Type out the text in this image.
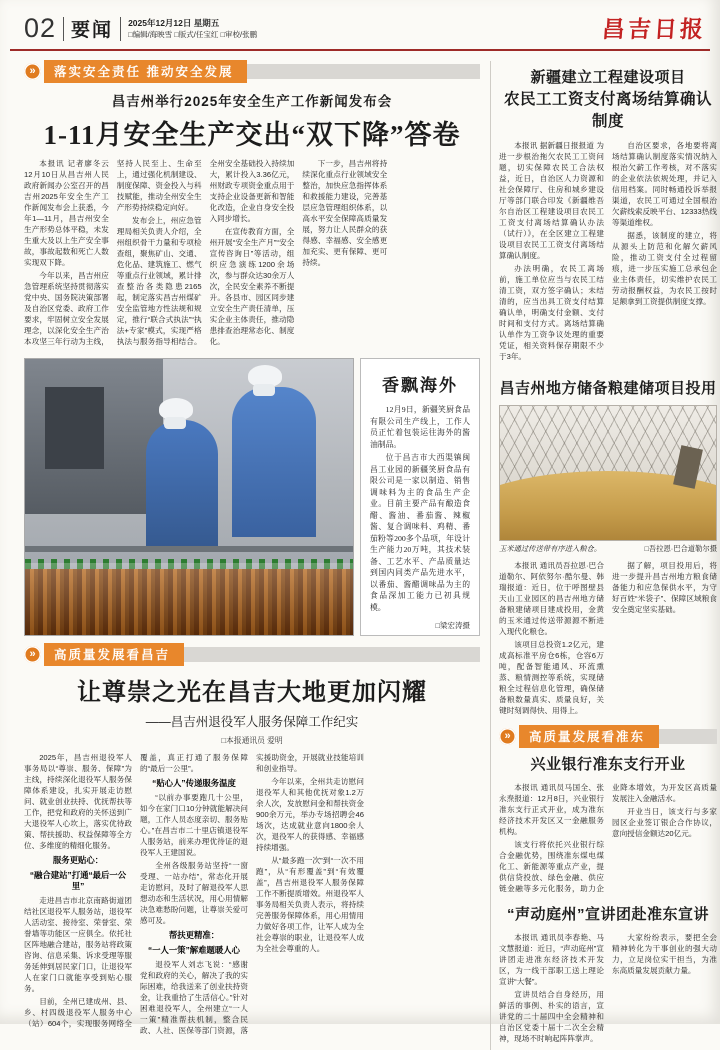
02 要闻 2025年12月12日 星期五
□编辑/海映雪 □版式/任宝红 □审校/张鹏	昌吉日报
»	落实安全责任 推动安全发展
昌吉州举行2025年安全生产工作新闻发布会
1-11月安全生产交出“双下降”答卷

本报讯 记者廖冬云 12月10日从昌吉州人民政府新闻办公室召开的昌吉州2025年安全生产工作新闻发布会上获悉，今年1—11月，昌吉州安全生产形势总体平稳，未发生重大及以上生产安全事故，事故起数和死亡人数实现双下降。

今年以来，昌吉州应急管理系统坚持贯彻落实党中央、国务院决策部署及自治区党委、政府工作要求，牢固树立安全发展理念，以深化安全生产治本攻坚三年行动为主线，坚持人民至上、生命至上，通过强化机制建设、制度保障、资金投入与科技赋能，推动全州安全生产形势持续稳定向好。

发布会上，州应急管理局相关负责人介绍，全州组织骨干力量和专项检查组，聚焦矿山、交通、危化品、建筑施工、燃气等重点行业领域，累计排查整治各类隐患2165起，制定落实昌吉州煤矿安全监管地方性法规和规定，推行“联合式执法”“执法+专家”模式，实现严格执法与服务指导相结合。全州安全基础投入持续加大，累计投入3.36亿元，州财政专项资金重点用于支持企业设备更新和智能化改造，企业自身安全投入同步增长。

在宣传教育方面，全州开展“安全生产月”“安全宣传咨询日”等活动，组织应急演练1200余场次，参与群众达30余万人次，全民安全素养不断提升。各县市、园区同步建立安全生产责任清单，压实企业主体责任，推动隐患排查治理常态化、制度化。

下一步，昌吉州将持续深化重点行业领域安全整治，加快应急指挥体系和救援能力建设，完善基层应急管理组织体系，以高水平安全保障高质量发展，努力让人民群众的获得感、幸福感、安全感更加充实、更有保障、更可持续。

香飘海外

12月9日，新疆笑厨食品有限公司生产线上，工作人员正忙着包装运往海外的酱油制品。

位于昌吉市大西渠镇闽昌工业园的新疆笑厨食品有限公司是一家以制造、销售调味料为主的食品生产企业。目前主要产品有酿造食醋、酱油、番茄酱、辣椒酱、复合调味料、鸡精、番茄粉等200多个品项，年设计生产能力20万吨，其技术装备、工艺水平、产品质量达到国内同类产品先进水平，以番茄、酱醋调味品为主的食品深加工能力已初具规模。

□梁宏涛摄
»	高质量发展看昌吉
让尊崇之光在昌吉大地更加闪耀
——昌吉州退役军人服务保障工作纪实
□本报通讯员 爱明

2025年，昌吉州退役军人事务局以“尊崇、服务、保障”为主线，持续深化退役军人服务保障体系建设，扎实开展走访慰问、就业创业扶持、优抚帮扶等工作，把党和政府的关怀送到广大退役军人心坎上，落实优待政策、帮扶援助、权益保障等全方位、多维度的精细化服务。

服务更贴心：

“融合建站”打通“最后一公里”

走进昌吉市北京南路街道团结社区退役军人服务站，退役军人活动室、接待室、荣誉室、荣誉墙等功能区一应俱全。依托社区阵地融合建站，服务站将政策咨询、信息采集、诉求受理等服务延伸到居民家门口，让退役军人在家门口就能享受到贴心服务。

目前，全州已建成州、县、乡、村四级退役军人服务中心（站）604个，实现服务网络全覆盖，真正打通了服务保障的“最后一公里”。

“贴心人”传递服务温度

“以前办事要跑几十公里，如今在家门口10分钟就能解决问题，工作人员态度亲切、服务贴心。”在昌吉市二十里店镇退役军人服务站，前来办理优待证的退役军人王建国说。

全州各级服务站坚持“一窗受理、一站办结”，常态化开展走访慰问，及时了解退役军人思想动态和生活状况，用心用情解决急难愁盼问题，让尊崇关爱可感可及。

帮扶更精准：

“一人一策”解难题暖人心

退役军人刘志飞说：“感谢党和政府的关心，解决了我的实际困难，给我送来了创业扶持资金，让我重拾了生活信心。”针对困难退役军人，全州建立“一人一策”精准帮扶机制，整合民政、人社、医保等部门资源，落实援助资金，开展就业技能培训和创业指导。

今年以来，全州共走访慰问退役军人和其他优抚对象1.2万余人次，发放慰问金和帮扶资金900余万元，举办专场招聘会46场次，达成就业意向1800余人次，退役军人的获得感、幸福感持续增强。

从“最多跑一次”到“一次不用跑”，从“有形覆盖”到“有效覆盖”，昌吉州退役军人服务保障工作不断提质增效。州退役军人事务局相关负责人表示，将持续完善服务保障体系，用心用情用力做好各项工作，让军人成为全社会尊崇的职业，让退役军人成为全社会尊重的人。

新疆建立工程建设项目
农民工工资支付离场结算确认制度

本报讯 据新疆日报报道 为进一步根治拖欠农民工工资问题，切实保障农民工合法权益，近日，自治区人力资源和社会保障厅、住房和城乡建设厅等部门联合印发《新疆维吾尔自治区工程建设项目农民工工资支付离场结算确认办法（试行）》，在全区建立工程建设项目农民工工资支付离场结算确认制度。

办法明确，农民工离场前，施工单位应当与农民工结清工资，双方签字确认；未结清的，应当出具工资支付结算确认单，明确支付金额、支付时间和支付方式。离场结算确认单作为工资争议处理的重要凭证，相关资料保存期限不少于3年。

自治区要求，各地要将离场结算确认制度落实情况纳入根治欠薪工作考核，对不落实的企业依法依规处理，并记入信用档案。同时畅通投诉举报渠道，农民工可通过全国根治欠薪线索反映平台、12333热线等渠道维权。

据悉，该制度的建立，将从源头上防范和化解欠薪风险，推动工资支付全过程留痕，进一步压实施工总承包企业主体责任，切实维护农民工劳动报酬权益，为农民工按时足额拿到工资提供制度支撑。

昌吉州地方储备粮建储项目投用
玉米通过传送带有序进入粮仓。	□吾拉恩·巴合道勒尔摄

本报讯 通讯员吾拉恩·巴合道勒尔、阿依努尔·酷尔曼、韩瑞报道：近日，位于呼图壁县天山工业园区的昌吉州地方储备粮建储项目建成投用，金黄的玉米通过传送带源源不断进入现代化粮仓。

该项目总投资1.2亿元，建成高标准平房仓6栋，仓容6万吨，配备智能通风、环流熏蒸、粮情测控等系统，实现储粮全过程信息化管理，确保储备粮数量真实、质量良好，关键时刻调得快、用得上。

据了解，项目投用后，将进一步提升昌吉州地方粮食储备能力和应急保供水平，为守好百姓“米袋子”、保障区域粮食安全奠定坚实基础。

»	高质量发展看准东
兴业银行准东支行开业

本报讯 通讯员马国全、张永焘报道：12月8日，兴业银行准东支行正式开业，成为准东经济技术开发区又一金融服务机构。

该支行将依托兴业银行综合金融优势，围绕准东煤电煤化工、新能源等重点产业，提供信贷投放、绿色金融、供应链金融等多元化服务，助力企业降本增效，为开发区高质量发展注入金融活水。

开业当日，该支行与多家园区企业签订银企合作协议，意向授信金额达20亿元。

“声动庭州”宣讲团赴准东宣讲

本报讯 通讯员李春艳、马文慧报道：近日，“声动庭州”宣讲团走进准东经济技术开发区，为一线干部职工送上理论宣讲“大餐”。

宣讲员结合自身经历，用鲜活的事例、朴实的语言，宣讲党的二十届四中全会精神和自治区党委十届十二次全会精神，现场不时响起阵阵掌声。

大家纷纷表示，要把全会精神转化为干事创业的强大动力，立足岗位实干担当，为准东高质量发展贡献力量。
